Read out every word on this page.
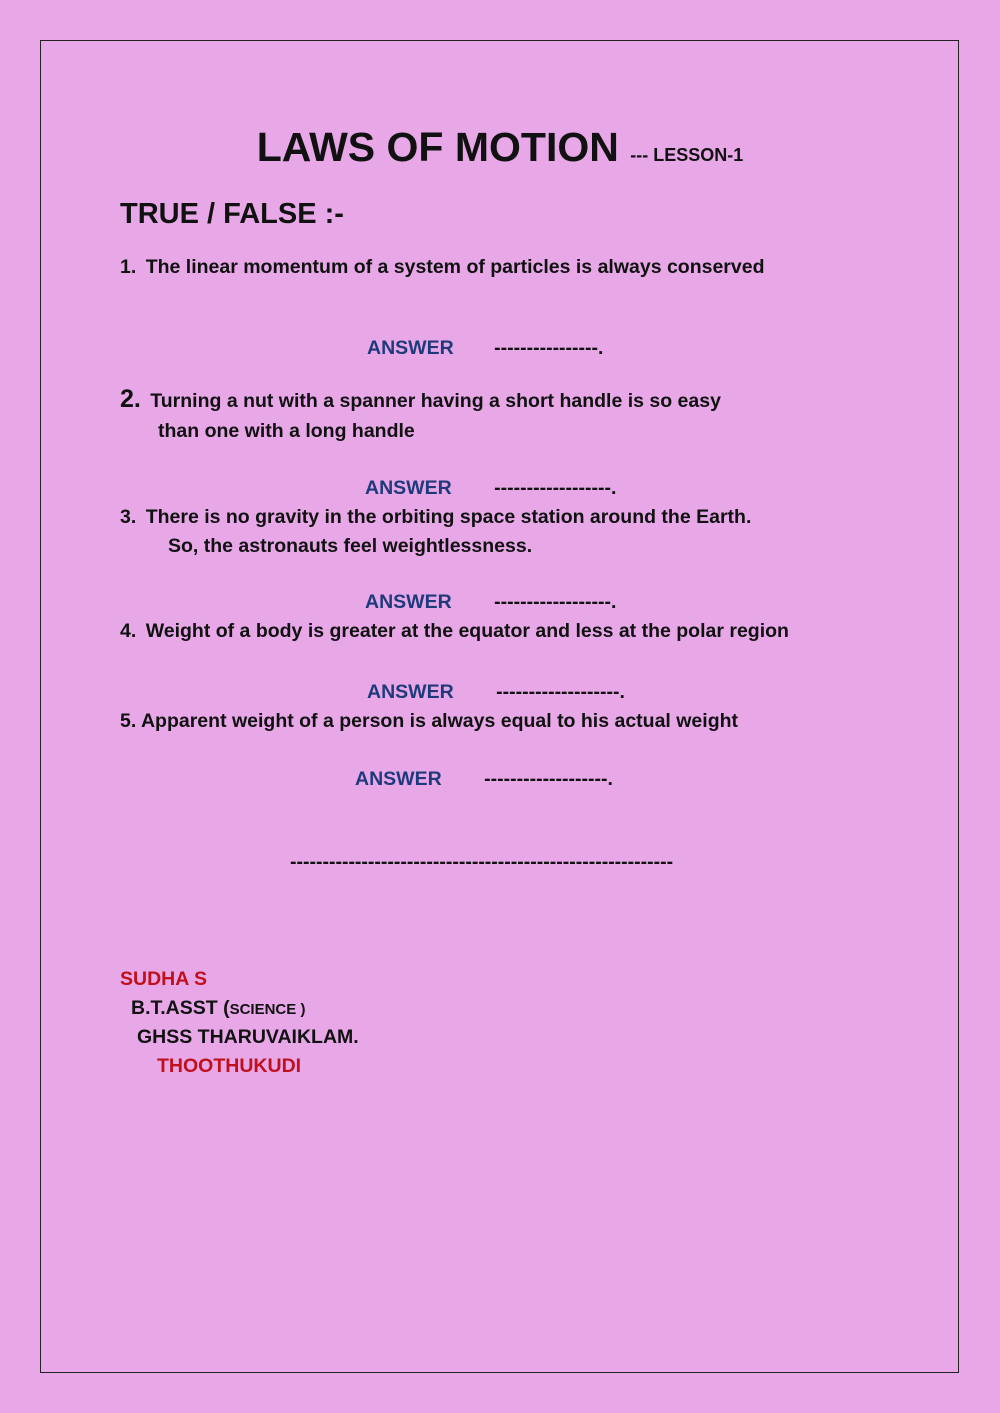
LAWS OF MOTION --- LESSON-1
TRUE / FALSE :-
1. The linear momentum of a system of particles is always conserved
ANSWER ----------------.
2. Turning a nut with a spanner having a short handle is so easy
than one with a long handle
ANSWER ------------------.
3. There is no gravity in the orbiting space station around the Earth.
So, the astronauts feel weightlessness.
ANSWER ------------------.
4. Weight of a body is greater at the equator and less at the polar region
ANSWER -------------------.
5. Apparent weight of a person is always equal to his actual weight
ANSWER -------------------.
-----------------------------------------------------------
SUDHA S
B.T.ASST (SCIENCE )
GHSS THARUVAIKLAM.
THOOTHUKUDI
